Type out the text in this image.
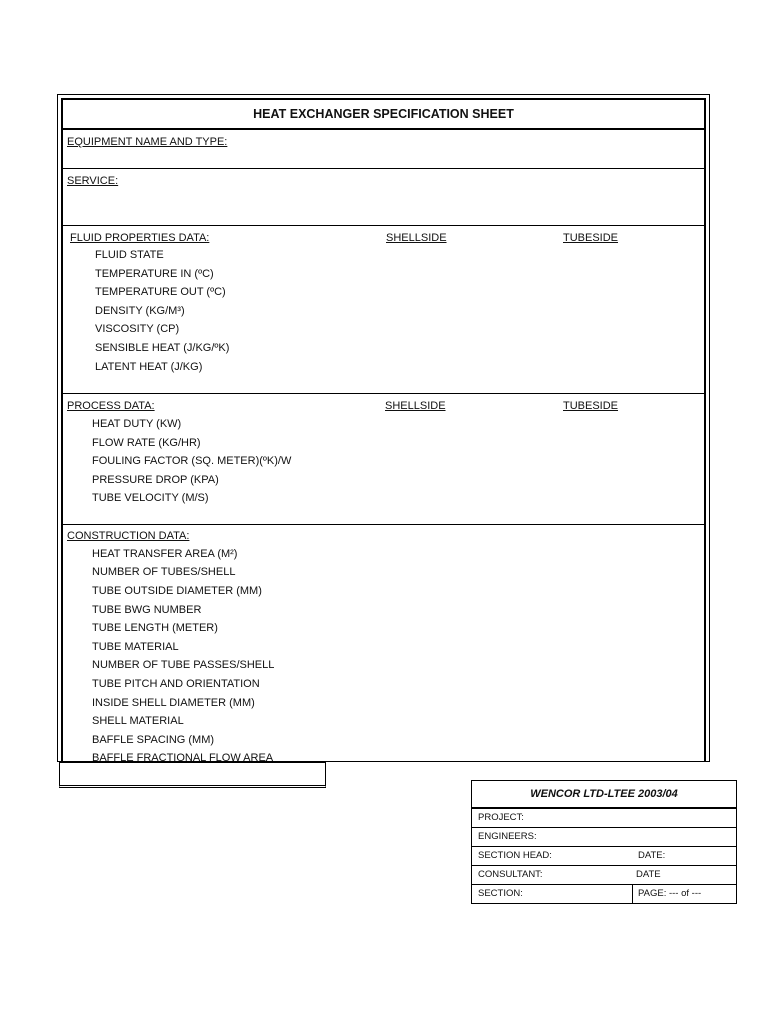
HEAT EXCHANGER SPECIFICATION SHEET
EQUIPMENT NAME AND TYPE:
SERVICE:
FLUID PROPERTIES DATA:	SHELLSIDE	TUBESIDE
FLUID STATE
TEMPERATURE IN (ºC)
TEMPERATURE OUT (ºC)
DENSITY (KG/M³)
VISCOSITY (CP)
SENSIBLE HEAT (J/KG/ºK)
LATENT HEAT (J/KG)
PROCESS DATA:	SHELLSIDE	TUBESIDE
HEAT DUTY (KW)
FLOW RATE (KG/HR)
FOULING FACTOR (SQ. METER)(ºK)/W
PRESSURE DROP (KPA)
TUBE VELOCITY (M/S)
CONSTRUCTION DATA:
HEAT TRANSFER AREA (M²)
NUMBER OF TUBES/SHELL
TUBE OUTSIDE DIAMETER (MM)
TUBE BWG NUMBER
TUBE LENGTH (METER)
TUBE MATERIAL
NUMBER OF TUBE PASSES/SHELL
TUBE PITCH AND ORIENTATION
INSIDE SHELL DIAMETER (MM)
SHELL MATERIAL
BAFFLE SPACING (MM)
BAFFLE FRACTIONAL FLOW AREA
WENCOR LTD-LTEE 2003/04
PROJECT:
ENGINEERS:
SECTION HEAD:	DATE:
CONSULTANT:	DATE
SECTION:	PAGE: --- of ---
